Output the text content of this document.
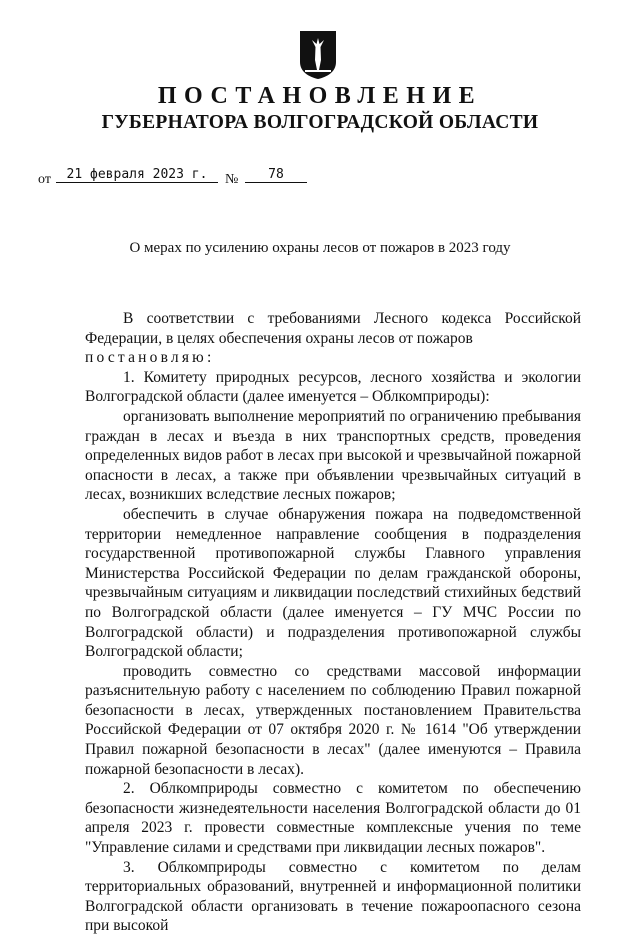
ПОСТАНОВЛЕНИЕ
ГУБЕРНАТОРА ВОЛГОГРАДСКОЙ ОБЛАСТИ
от	21 февраля 2023 г.	№	78
О мерах по усилению охраны лесов от пожаров в 2023 году

В соответствии с требованиями Лесного кодекса Российской Федерации, в целях обеспечения охраны лесов от пожаров

постановляю:

1. Комитету природных ресурсов, лесного хозяйства и экологии Волгоградской области (далее именуется – Облкомприроды):

организовать выполнение мероприятий по ограничению пребывания граждан в лесах и въезда в них транспортных средств, проведения определенных видов работ в лесах при высокой и чрезвычайной пожарной опасности в лесах, а также при объявлении чрезвычайных ситуаций в лесах, возникших вследствие лесных пожаров;

обеспечить в случае обнаружения пожара на подведомственной территории немедленное направление сообщения в подразделения государственной противопожарной службы Главного управления Министерства Российской Федерации по делам гражданской обороны, чрезвычайным ситуациям и ликвидации последствий стихийных бедствий по Волгоградской области (далее именуется – ГУ МЧС России по Волгоградской области) и подразделения противопожарной службы Волгоградской области;

проводить совместно со средствами массовой информации разъяснительную работу с населением по соблюдению Правил пожарной безопасности в лесах, утвержденных постановлением Правительства Российской Федерации от 07 октября 2020 г. № 1614 "Об утверждении Правил пожарной безопасности в лесах" (далее именуются – Правила пожарной безопасности в лесах).

2. Облкомприроды совместно с комитетом по обеспечению безопасности жизнедеятельности населения Волгоградской области до 01 апреля 2023 г. провести совместные комплексные учения по теме "Управление силами и средствами при ликвидации лесных пожаров".

3. Облкомприроды совместно с комитетом по делам территориальных образований, внутренней и информационной политики Волгоградской области организовать в течение пожароопасного сезона при высокой
